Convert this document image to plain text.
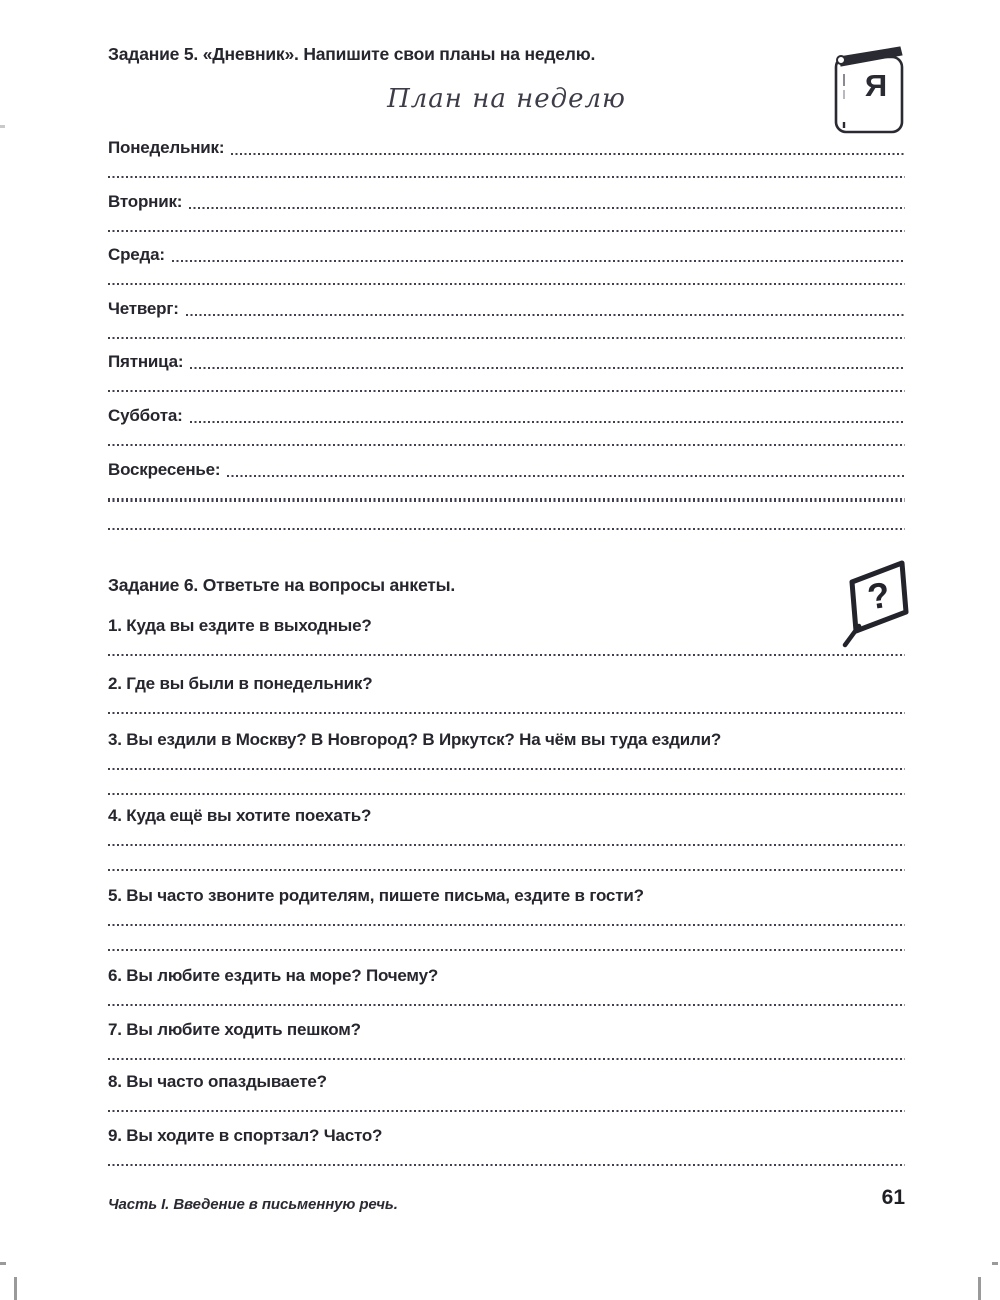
Задание 5. «Дневник». Напишите свои планы на неделю.
Я
План на неделю
Понедельник:
Вторник:
Среда:
Четверг:
Пятница:
Суббота:
Воскресенье:
Задание 6. Ответьте на вопросы анкеты.	?
1. Куда вы ездите в выходные?
2. Где вы были в понедельник?
3. Вы ездили в Москву? В Новгород? В Иркутск? На чём вы туда ездили?
4. Куда ещё вы хотите поехать?
5. Вы часто звоните родителям, пишете письма, ездите в гости?
6. Вы любите ездить на море? Почему?
7. Вы любите ходить пешком?
8. Вы часто опаздываете?
9. Вы ходите в спортзал? Часто?
Часть I. Введение в письменную речь.	61
